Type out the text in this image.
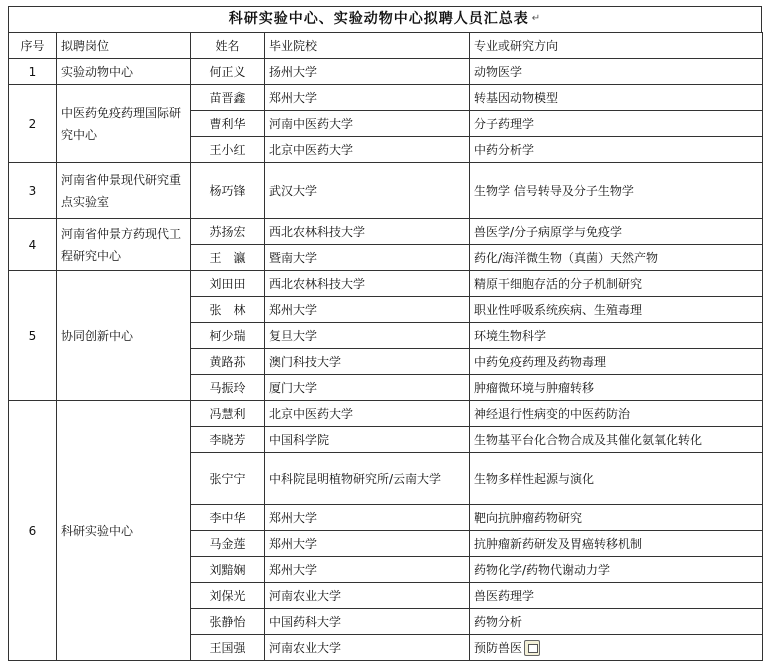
科研实验中心、实验动物中心拟聘人员汇总表 ↵
序号	拟聘岗位	姓名	毕业院校	专业或研究方向
1	实验动物中心	何正义	扬州大学	动物医学
2	中医药免疫药理国际研究中心	苗晋鑫	郑州大学	转基因动物模型
		曹利华	河南中医药大学	分子药理学
		王小红	北京中医药大学	中药分析学
3	河南省仲景现代研究重点实验室	杨巧锋	武汉大学	生物学 信号转导及分子生物学
4	河南省仲景方药现代工程研究中心	苏扬宏	西北农林科技大学	兽医学/分子病原学与免疫学
		王　瀛	暨南大学	药化/海洋微生物（真菌）天然产物
5	协同创新中心	刘田田	西北农林科技大学	精原干细胞存活的分子机制研究
		张　林	郑州大学	职业性呼吸系统疾病、生殖毒理
		柯少瑞	复旦大学	环境生物科学
		黄路荪	澳门科技大学	中药免疫药理及药物毒理
		马振玲	厦门大学	肿瘤微环境与肿瘤转移
6	科研实验中心	冯慧利	北京中医药大学	神经退行性病变的中医药防治
		李晓芳	中国科学院	生物基平台化合物合成及其催化氨氧化转化
		张宁宁	中科院昆明植物研究所/云南大学	生物多样性起源与演化
		李中华	郑州大学	靶向抗肿瘤药物研究
		马金莲	郑州大学	抗肿瘤新药研发及胃癌转移机制
		刘黯娴	郑州大学	药物化学/药物代谢动力学
		刘保光	河南农业大学	兽医药理学
		张静怡	中国药科大学	药物分析
		王国强	河南农业大学	预防兽医
